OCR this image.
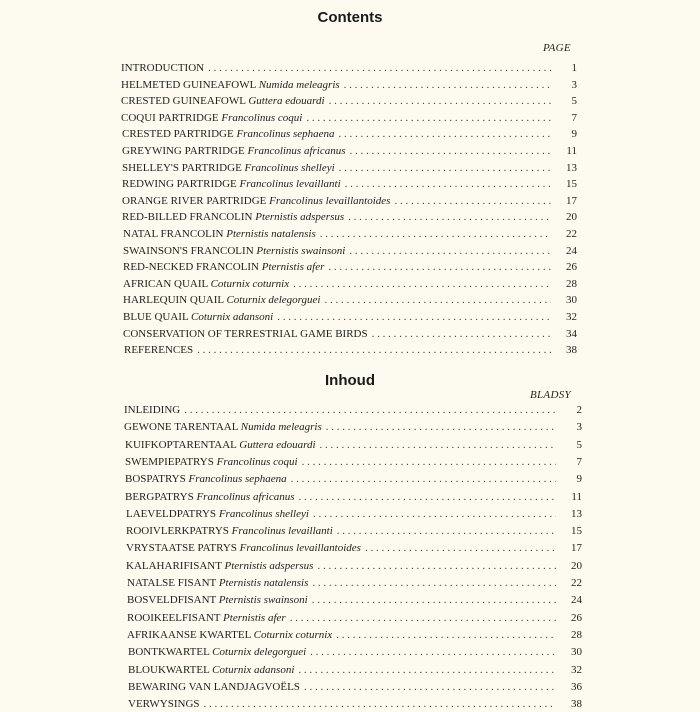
Contents
PAGE
INTRODUCTION . . .	1
HELMETED GUINEAFOWL Numida meleagris . . .	3
CRESTED GUINEAFOWL Guttera edouardi . . .	5
COQUI PARTRIDGE Francolinus coqui . . .	7
CRESTED PARTRIDGE Francolinus sephaena . . .	9
GREYWING PARTRIDGE Francolinus africanus . . .	11
SHELLEY'S PARTRIDGE Francolinus shelleyi . . .	13
REDWING PARTRIDGE Francolinus levaillanti . . .	15
ORANGE RIVER PARTRIDGE Francolinus levaillantoides . . .	17
RED-BILLED FRANCOLIN Pternistis adspersus . . .	20
NATAL FRANCOLIN Pternistis natalensis . . .	22
SWAINSON'S FRANCOLIN Pternistis swainsoni . . .	24
RED-NECKED FRANCOLIN Pternistis afer . . .	26
AFRICAN QUAIL Coturnix coturnix . . .	28
HARLEQUIN QUAIL Coturnix delegorguei . . .	30
BLUE QUAIL Coturnix adansoni . . .	32
CONSERVATION OF TERRESTRIAL GAME BIRDS . . .	34
REFERENCES . . .	38
Inhoud
BLADSY
INLEIDING . . .	2
GEWONE TARENTAAL Numida meleagris . . .	3
KUIFKOPTARENTAAL Guttera edouardi . . .	5
SWEMPIEPATRYS Francolinus coqui . . .	7
BOSPATRYS Francolinus sephaena . . .	9
BERGPATRYS Francolinus africanus . . .	11
LAEVELDPATRYS Francolinus shelleyi . . .	13
ROOIVLERKPATRYS Francolinus levaillanti . . .	15
VRYSTAATSE PATRYS Francolinus levaillantoides . . .	17
KALAHARIFISANT Pternistis adspersus . . .	20
NATALSE FISANT Pternistis natalensis . . .	22
BOSVELDFISANT Pternistis swainsoni . . .	24
ROOIKEELFISANT Pternistis afer . . .	26
AFRIKAANSE KWARTEL Coturnix coturnix . . .	28
BONTKWARTEL Coturnix delegorguei . . .	30
BLOUKWARTEL Coturnix adansoni . . .	32
BEWARING VAN LANDJAGVOËLS . . .	36
VERWYSINGS . . .	38
